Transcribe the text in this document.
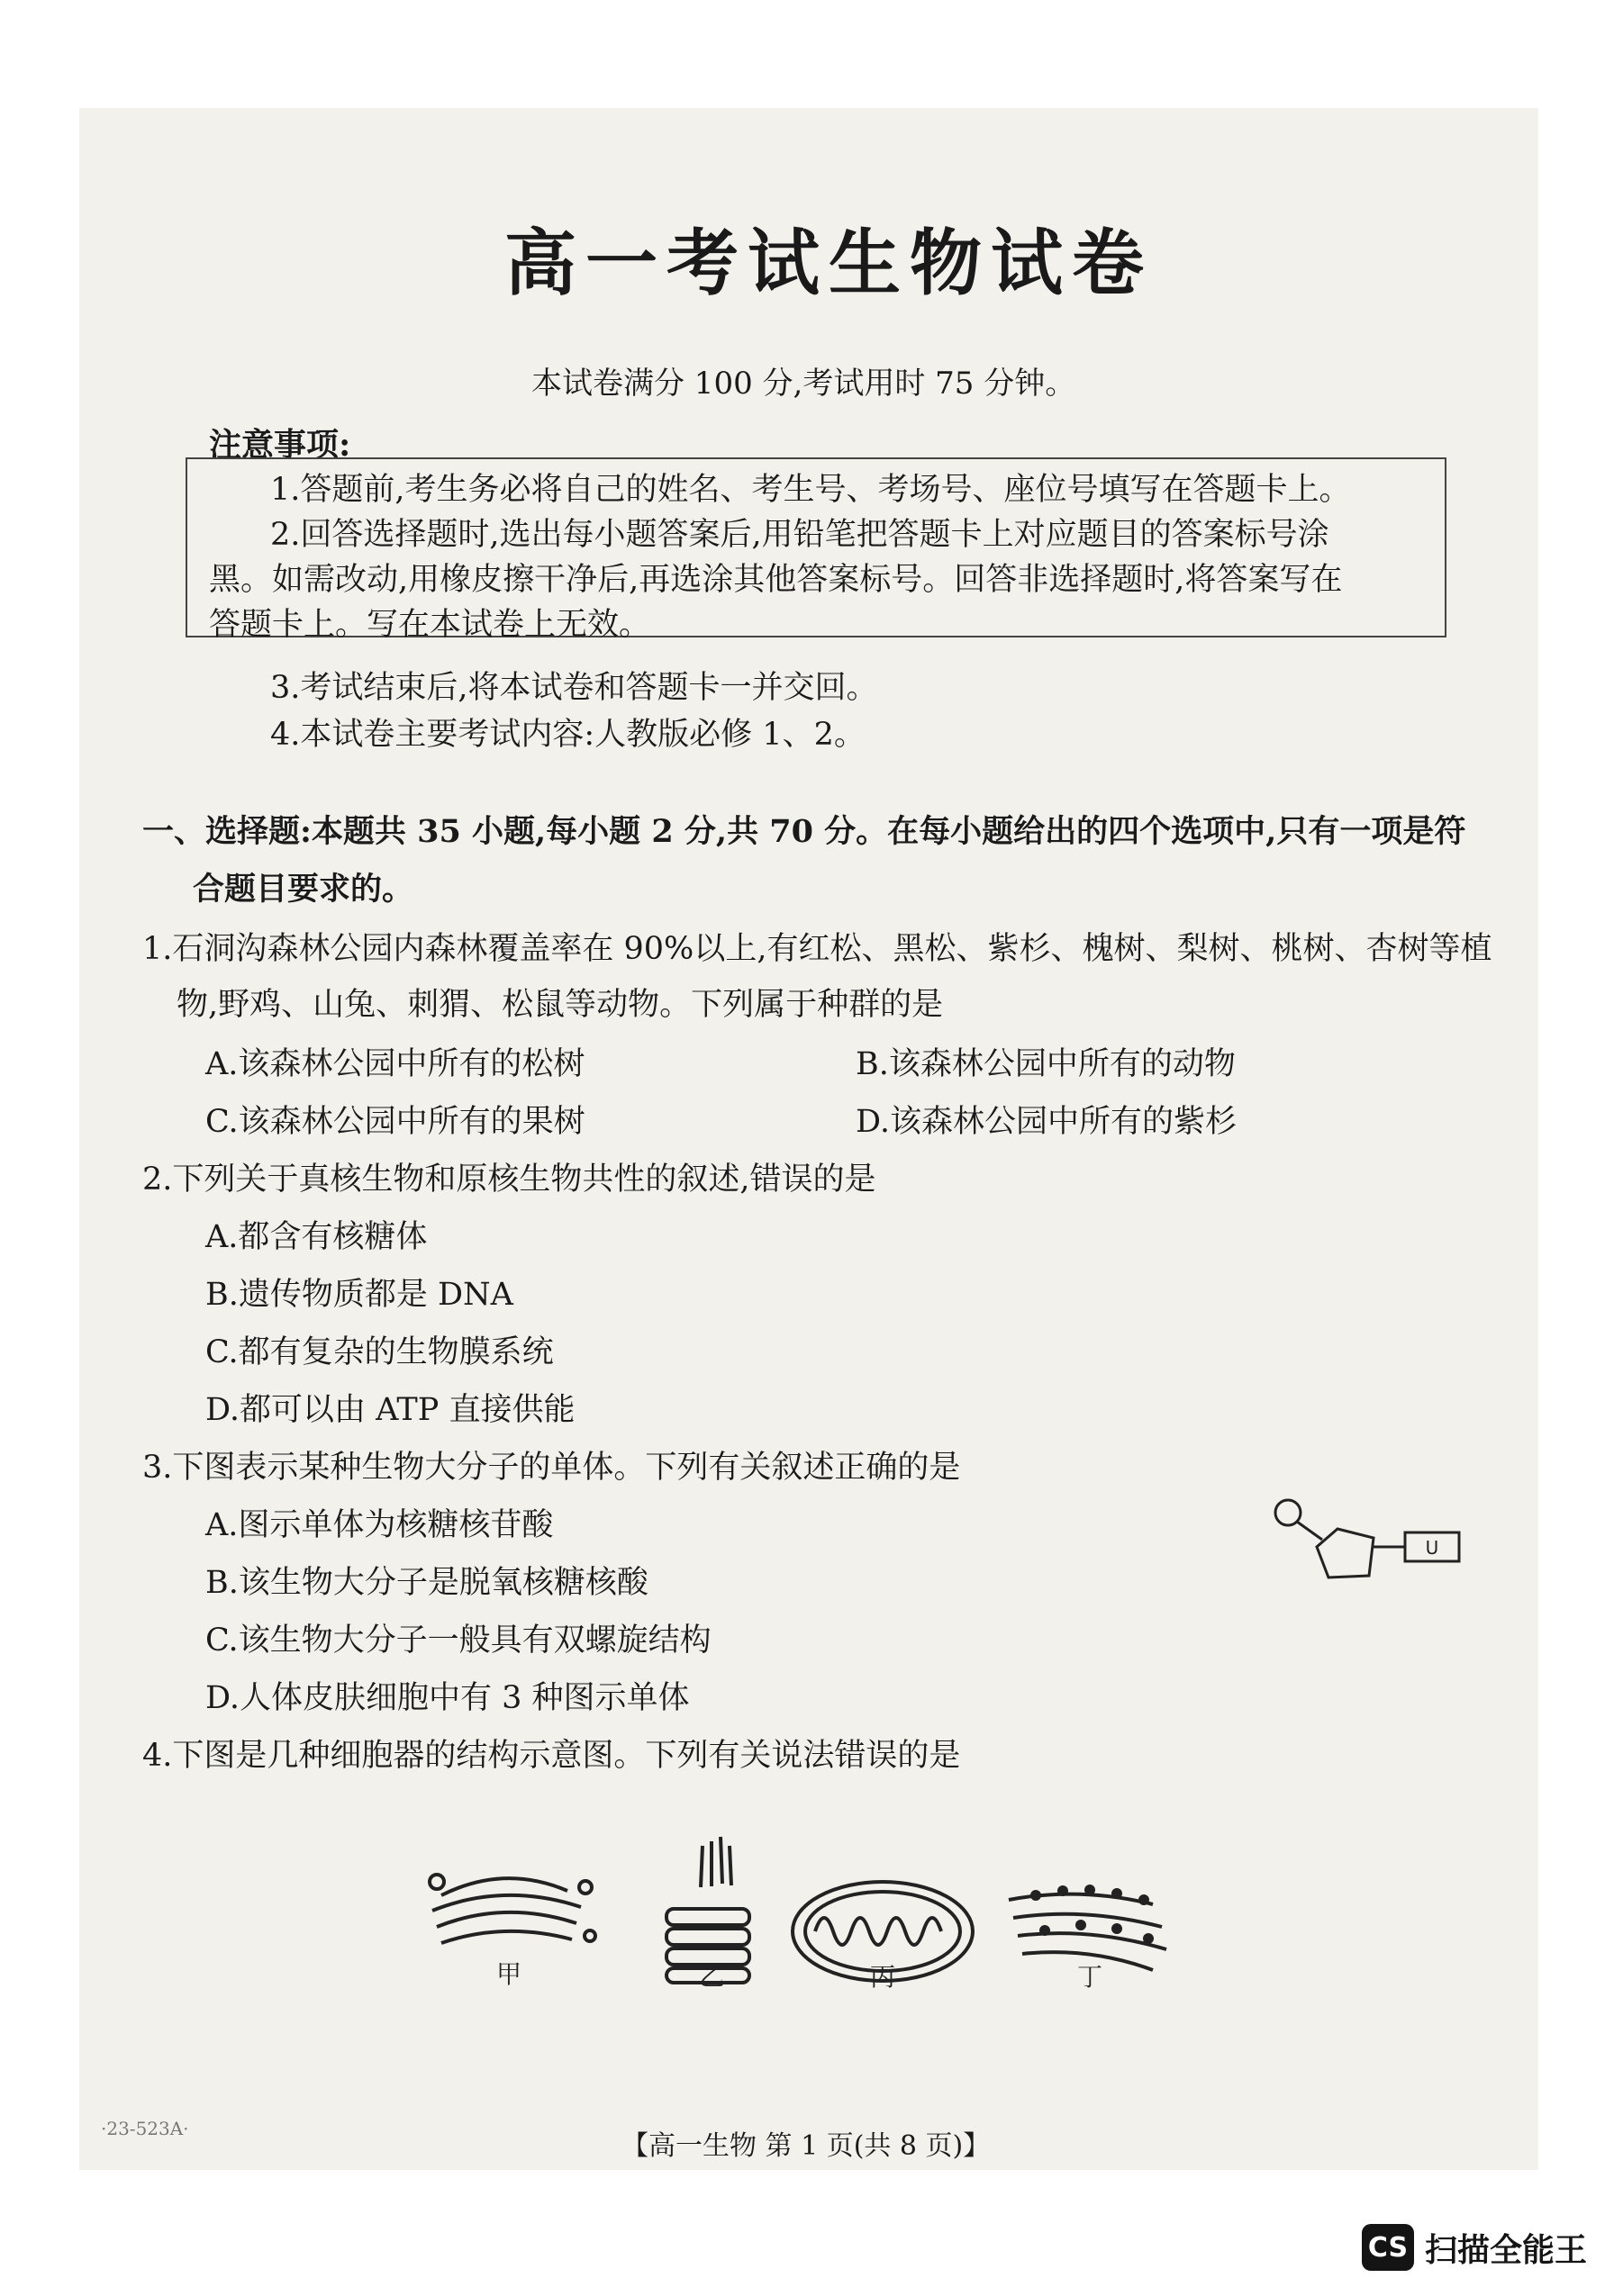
高一考试生物试卷
本试卷满分 100 分,考试用时 75 分钟。
注意事项:
1.答题前,考生务必将自己的姓名、考生号、考场号、座位号填写在答题卡上。
2.回答选择题时,选出每小题答案后,用铅笔把答题卡上对应题目的答案标号涂
黑。如需改动,用橡皮擦干净后,再选涂其他答案标号。回答非选择题时,将答案写在
答题卡上。写在本试卷上无效。
3.考试结束后,将本试卷和答题卡一并交回。
4.本试卷主要考试内容:人教版必修 1、2。
一、选择题:本题共 35 小题,每小题 2 分,共 70 分。在每小题给出的四个选项中,只有一项是符
合题目要求的。
1.石洞沟森林公园内森林覆盖率在 90%以上,有红松、黑松、紫杉、槐树、梨树、桃树、杏树等植
物,野鸡、山兔、刺猬、松鼠等动物。下列属于种群的是
A.该森林公园中所有的松树	B.该森林公园中所有的动物
C.该森林公园中所有的果树	D.该森林公园中所有的紫杉
2.下列关于真核生物和原核生物共性的叙述,错误的是
A.都含有核糖体
B.遗传物质都是 DNA
C.都有复杂的生物膜系统
D.都可以由 ATP 直接供能
3.下图表示某种生物大分子的单体。下列有关叙述正确的是
A.图示单体为核糖核苷酸
B.该生物大分子是脱氧核糖核酸
C.该生物大分子一般具有双螺旋结构
D.人体皮肤细胞中有 3 种图示单体
U
4.下图是几种细胞器的结构示意图。下列有关说法错误的是
甲	乙	丙	丁
·23-523A·
【高一生物 第 1 页(共 8 页)】
CS 扫描全能王
